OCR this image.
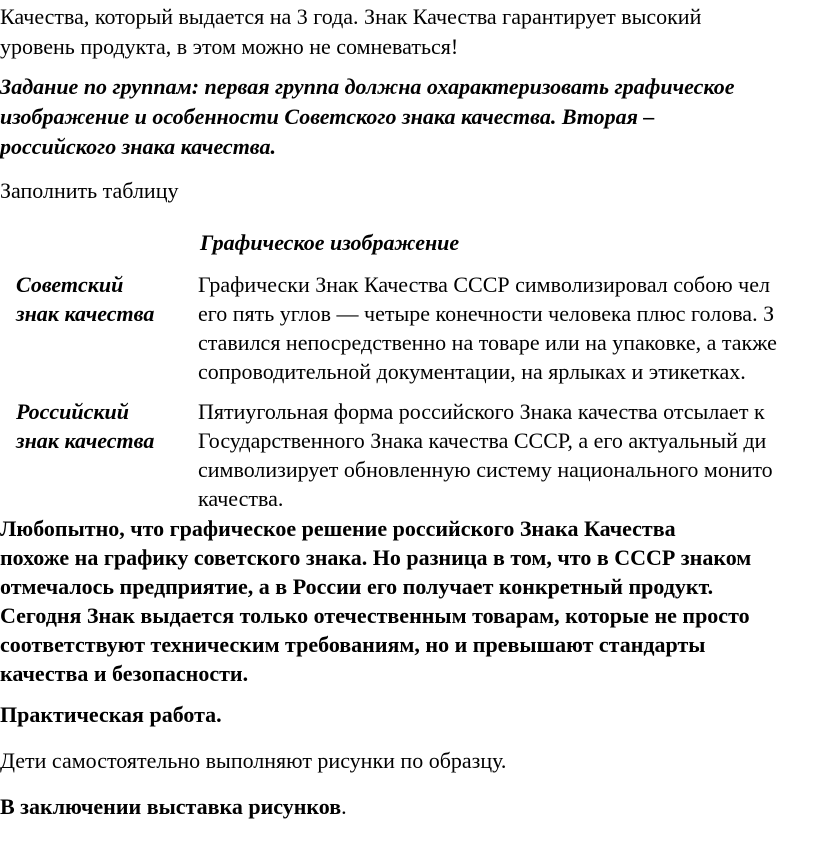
Качества, который выдается на 3 года. Знак Качества гарантирует высокий
уровень продукта, в этом можно не сомневаться!
Задание по группам: первая группа должна охарактеризовать графическое
изображение и особенности Советского знака качества. Вторая –
российского знака качества.
Заполнить таблицу
Графическое изображение
Советский
знак качества
Графически Знак Качества СССР символизировал собою чел
его пять углов — четыре конечности человека плюс голова. З
ставился непосредственно на товаре или на упаковке, а также
сопроводительной документации, на ярлыках и этикетках.
Российский
знак качества
Пятиугольная форма российского Знака качества отсылает к
Государственного Знака качества СССР, а его актуальный ди
символизирует обновленную систему национального монито
качества.
Любопытно, что графическое решение российского Знака Качества
похоже на графику советского знака. Но разница в том, что в СССР знаком
отмечалось предприятие, а в России его получает конкретный продукт.
Сегодня Знак выдается только отечественным товарам, которые не просто
соответствуют техническим требованиям, но и превышают стандарты
качества и безопасности.
Практическая работа.
Дети самостоятельно выполняют рисунки по образцу.
В заключении выставка рисунков.
